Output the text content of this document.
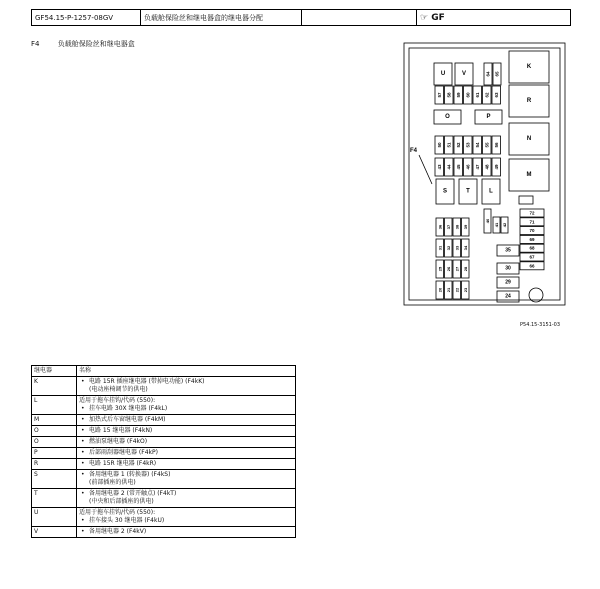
GF54.15-P-1257-08GV	负载舱保险丝和继电器盒的继电器分配	☞ GF
F4	负载舱保险丝和继电器盒
F4
K
R
N
M
U	V
O	P
S	T	L
64 65
57 58 59 60 61 62 63
50 51 52 53 54 55 56
43 44 45 46 47 48 49
36 37 38 39
31 32 33 34
25 26 27 28
20 21 22 23
40
41 42
35
30
29
24
72
71
70
69
68
67
66
P54.15-3151-03
继电器	名称
K	• 电路 15R 插座继电器 (带掉电功能) (F4kK)
(电动座椅调节的供电)

L	适用于拖车挂钩/代码 (550):
• 挂车电路 30X 继电器 (F4kL)

M	• 加热式后车窗继电器 (F4kM)

O	• 电路 15 继电器 (F4kN)

O	• 燃油泵继电器 (F4kO)

P	• 后部雨刮器继电器 (F4kP)

R	• 电路 15R 继电器 (F4kR)

S	• 备用继电器 1 (转换器) (F4kS)
(前部插座的供电)

T	• 备用继电器 2 (常开触点) (F4kT)
(中央和后部插座的供电)

U	适用于拖车挂钩/代码 (550):
• 挂车接头 30 继电器 (F4kU)

V	• 备用继电器 2 (F4kV)
